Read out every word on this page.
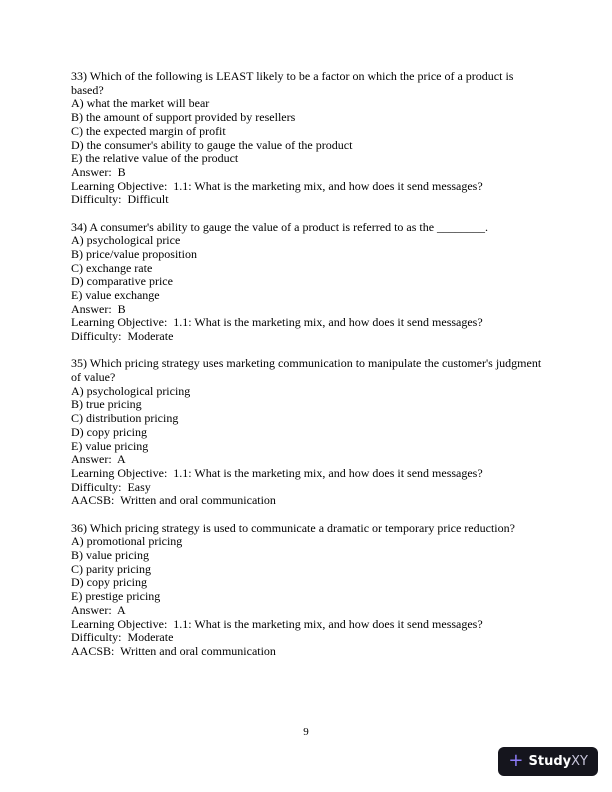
33) Which of the following is LEAST likely to be a factor on which the price of a product is based?
A) what the market will bear
B) the amount of support provided by resellers
C) the expected margin of profit
D) the consumer's ability to gauge the value of the product
E) the relative value of the product
Answer:  B
Learning Objective:  1.1: What is the marketing mix, and how does it send messages?
Difficulty:  Difficult
34) A consumer's ability to gauge the value of a product is referred to as the ________.
A) psychological price
B) price/value proposition
C) exchange rate
D) comparative price
E) value exchange
Answer:  B
Learning Objective:  1.1: What is the marketing mix, and how does it send messages?
Difficulty:  Moderate
35) Which pricing strategy uses marketing communication to manipulate the customer's judgment of value?
A) psychological pricing
B) true pricing
C) distribution pricing
D) copy pricing
E) value pricing
Answer:  A
Learning Objective:  1.1: What is the marketing mix, and how does it send messages?
Difficulty:  Easy
AACSB:  Written and oral communication
36) Which pricing strategy is used to communicate a dramatic or temporary price reduction?
A) promotional pricing
B) value pricing
C) parity pricing
D) copy pricing
E) prestige pricing
Answer:  A
Learning Objective:  1.1: What is the marketing mix, and how does it send messages?
Difficulty:  Moderate
AACSB:  Written and oral communication
9
+ StudyXY
